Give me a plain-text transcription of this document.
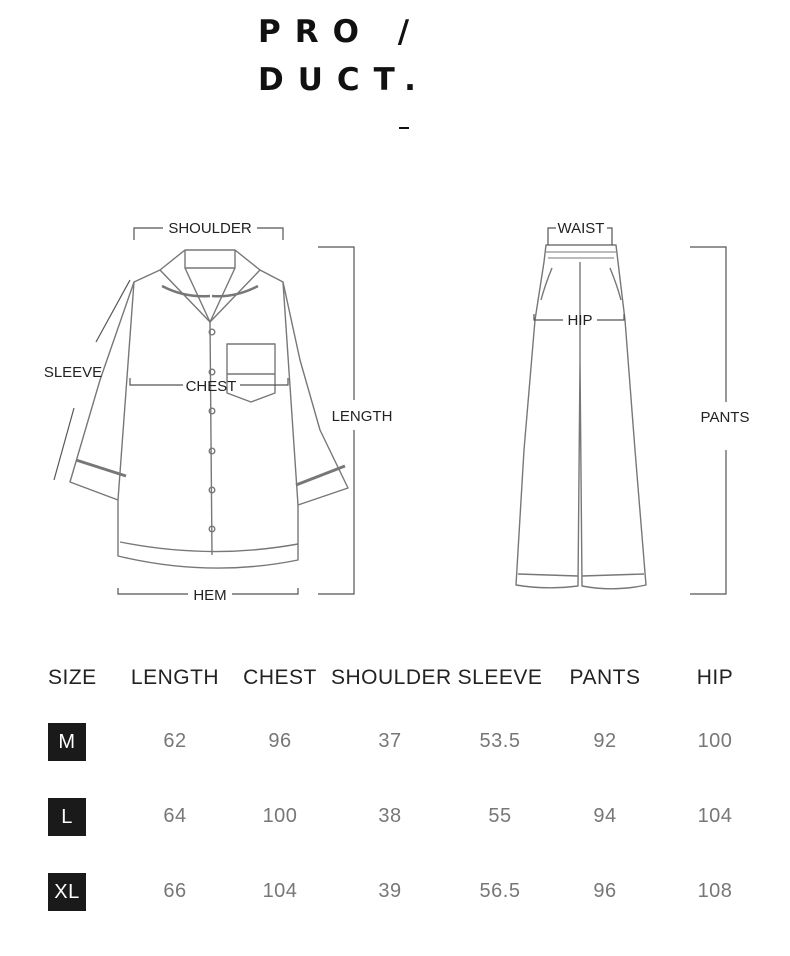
PRO /
DUCT.
SHOULDER
SLEEVE
CHEST
LENGTH
HEM
WAIST
HIP
PANTS
SIZE	LENGTH	CHEST	SHOULDER	SLEEVE	PANTS	HIP
M	62	96	37	53.5	92	100
L	64	100	38	55	94	104
XL	66	104	39	56.5	96	108
